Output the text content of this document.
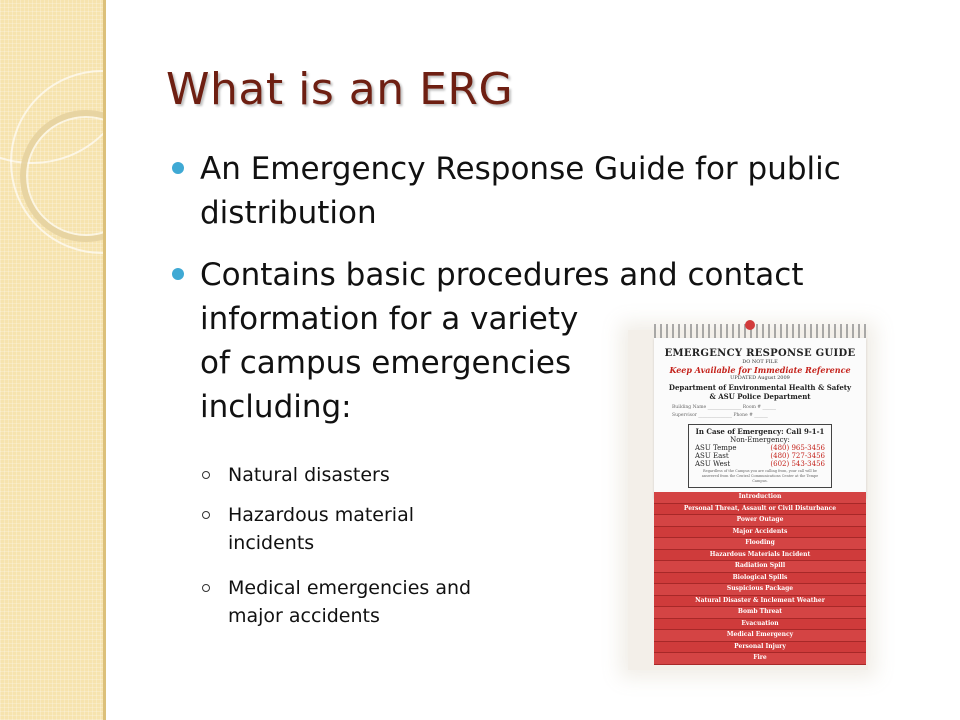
What is an ERG
An Emergency Response Guide for public
distribution
Contains basic procedures and contact
information for a variety
of campus emergencies
including:
Natural disasters
Hazardous material
incidents
Medical emergencies and
major accidents
EMERGENCY RESPONSE GUIDE
DO NOT FILE
Keep Available for Immediate Reference
UPDATED August 2009
Department of Environmental Health & Safety
& ASU Police Department
Building Name _______________ Room # ______
Supervisor _______________ Phone # ______
In Case of Emergency: Call 9-1-1
Non-Emergency:
ASU Tempe	(480) 965-3456
ASU East	(480) 727-3456
ASU West	(602) 543-3456
Regardless of the Campus you are calling from, your call will be answered from the Central Communications Center at the Tempe Campus.
Introduction
Personal Threat, Assault or Civil Disturbance
Power Outage
Major Accidents
Flooding
Hazardous Materials Incident
Radiation Spill
Biological Spills
Suspicious Package
Natural Disaster & Inclement Weather
Bomb Threat
Evacuation
Medical Emergency
Personal Injury
Fire
